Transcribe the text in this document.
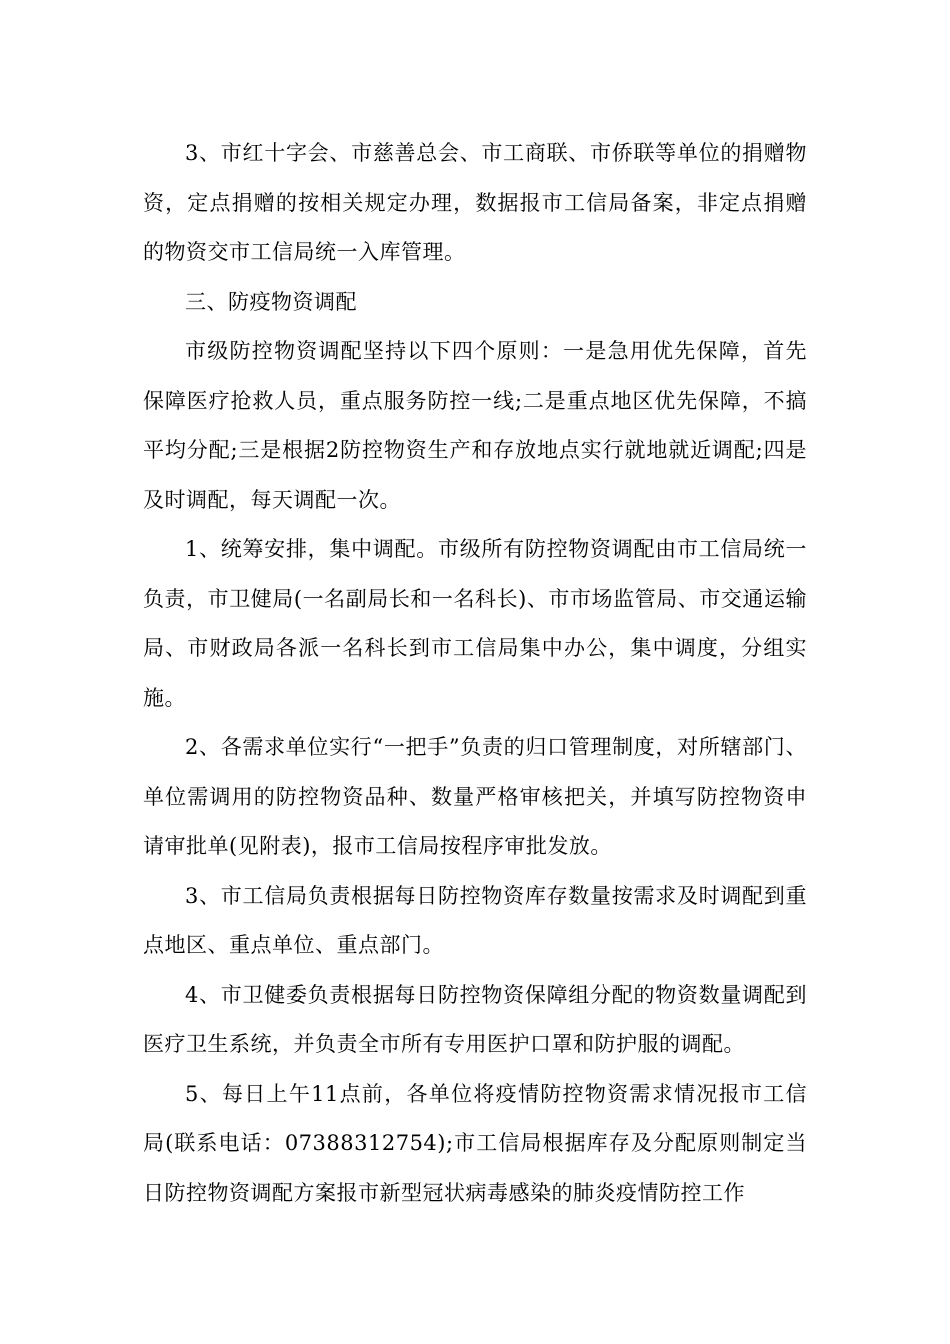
3、市红十字会、市慈善总会、市工商联、市侨联等单位的捐赠物资，定点捐赠的按相关规定办理，数据报市工信局备案，非定点捐赠的物资交市工信局统一入库管理。

三、防疫物资调配

市级防控物资调配坚持以下四个原则：一是急用优先保障，首先保障医疗抢救人员，重点服务防控一线;二是重点地区优先保障，不搞平均分配;三是根据2防控物资生产和存放地点实行就地就近调配;四是及时调配，每天调配一次。

1、统筹安排，集中调配。市级所有防控物资调配由市工信局统一负责，市卫健局(一名副局长和一名科长)、市市场监管局、市交通运输局、市财政局各派一名科长到市工信局集中办公，集中调度，分组实施。

2、各需求单位实行“一把手”负责的归口管理制度，对所辖部门、单位需调用的防控物资品种、数量严格审核把关，并填写防控物资申请审批单(见附表)，报市工信局按程序审批发放。

3、市工信局负责根据每日防控物资库存数量按需求及时调配到重点地区、重点单位、重点部门。

4、市卫健委负责根据每日防控物资保障组分配的物资数量调配到医疗卫生系统，并负责全市所有专用医护口罩和防护服的调配。

5、每日上午11点前，各单位将疫情防控物资需求情况报市工信局(联系电话：07388312754);市工信局根据库存及分配原则制定当日防控物资调配方案报市新型冠状病毒感染的肺炎疫情防控工作
